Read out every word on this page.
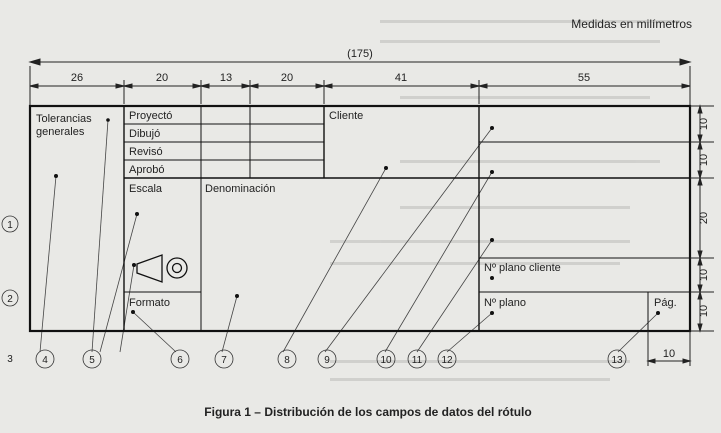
Medidas en milímetros
(175)
26	20	13	20	41	55
Tolerancias generales
Proyectó
Dibujó
Revisó
Aprobó
Cliente
Escala	Denominación
Formato
Nº plano cliente
Nº plano	Pág.
10
10
20
10
10
10
1
2
3	4	5	6	7	8	9	10 11 12	13
Figura 1 – Distribución de los campos de datos del rótulo
